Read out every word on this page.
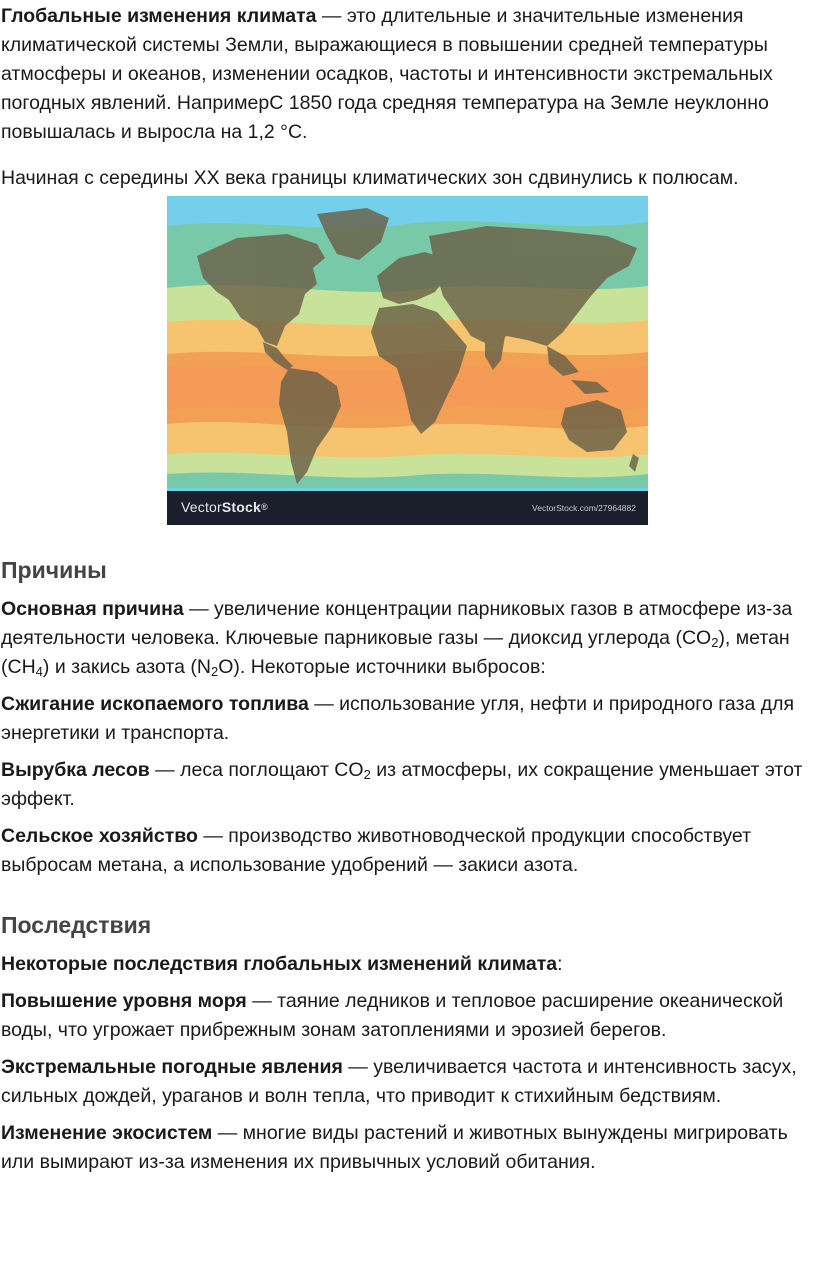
Глобальные изменения климата — это длительные и значительные изменения климатической системы Земли, выражающиеся в повышении средней температуры атмосферы и океанов, изменении осадков, частоты и интенсивности экстремальных погодных явлений. НапримерС 1850 года средняя температура на Земле неуклонно повышалась и выросла на 1,2 °C.

Начиная с середины XX века границы климатических зон сдвинулись к полюсам.

VectorStock®	VectorStock.com/27964882
Причины

Основная причина — увеличение концентрации парниковых газов в атмосфере из-за деятельности человека. Ключевые парниковые газы — диоксид углерода $(CO_2)$, метан $(CH_4)$ и закись азота $(N_2O)$. Некоторые источники выбросов:

Сжигание ископаемого топлива — использование угля, нефти и природного газа для энергетики и транспорта.

Вырубка лесов — леса поглощают $CO_2$ из атмосферы, их сокращение уменьшает этот эффект.

Сельское хозяйство — производство животноводческой продукции способствует выбросам метана, а использование удобрений — закиси азота.

Последствия

Некоторые последствия глобальных изменений климата:

Повышение уровня моря — таяние ледников и тепловое расширение океанической воды, что угрожает прибрежным зонам затоплениями и эрозией берегов.

Экстремальные погодные явления — увеличивается частота и интенсивность засух, сильных дождей, ураганов и волн тепла, что приводит к стихийным бедствиям.

Изменение экосистем — многие виды растений и животных вынуждены мигрировать или вымирают из-за изменения их привычных условий обитания.
